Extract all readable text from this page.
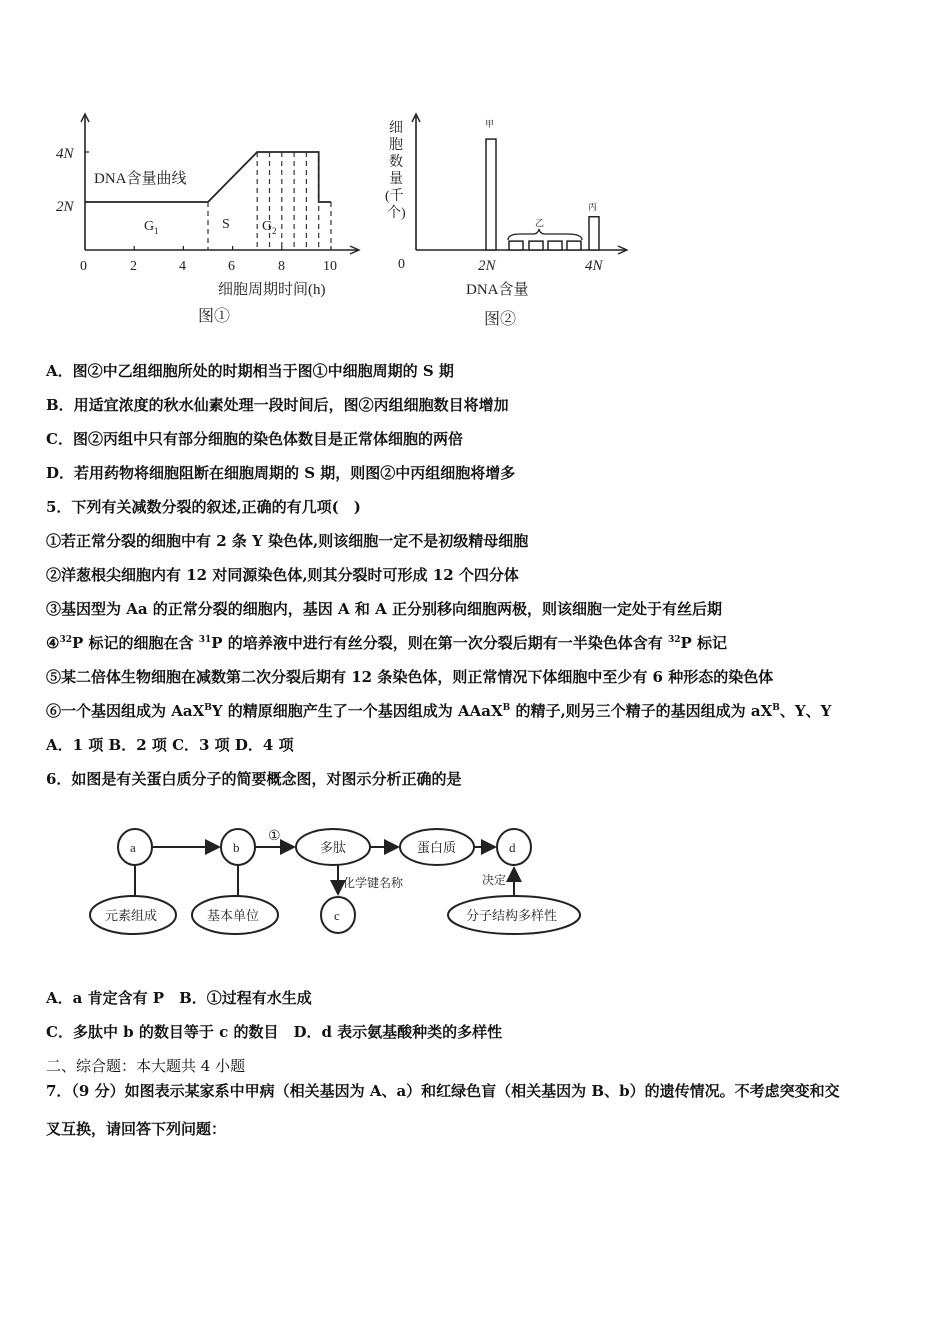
4N
2N
0	2	4	6	8	10
DNA含量曲线
G 1	S G 2
细胞周期时间(h)
图①
细
胞
数
量
(千
个)
0	2N	4N
DNA含量
图②
甲
乙
丙
A．图②中乙组细胞所处的时期相当于图①中细胞周期的 S 期
B．用适宜浓度的秋水仙素处理一段时间后，图②丙组细胞数目将增加
C．图②丙组中只有部分细胞的染色体数目是正常体细胞的两倍
D．若用药物将细胞阻断在细胞周期的 S 期，则图②中丙组细胞将增多
5．下列有关减数分裂的叙述,正确的有几项(　)
①若正常分裂的细胞中有 2 条 Y 染色体,则该细胞一定不是初级精母细胞
②洋葱根尖细胞内有 12 对同源染色体,则其分裂时可形成 12 个四分体
③基因型为 Aa 的正常分裂的细胞内，基因 A 和 A 正分别移向细胞两极，则该细胞一定处于有丝后期
④$^{32}$P 标记的细胞在含 $^{31}$P 的培养液中进行有丝分裂，则在第一次分裂后期有一半染色体含有 $^{32}$P 标记
⑤某二倍体生物细胞在减数第二次分裂后期有 12 条染色体，则正常情况下体细胞中至少有 6 种形态的染色体
⑥一个基因组成为 AaX$^B$Y 的精原细胞产生了一个基因组成为 AAaX$^B$ 的精子,则另三个精子的基因组成为 $aX^B$、Y、Y
A．1 项 B．2 项 C．3 项 D．4 项
6．如图是有关蛋白质分子的简要概念图，对图示分析正确的是
a	b
①
多肽	蛋白质	d
元素组成	基本单位
化学键名称
c
决定
分子结构多样性
A．a 肯定含有 P　B．①过程有水生成
C．多肽中 b 的数目等于 c 的数目　D．d 表示氨基酸种类的多样性
二、综合题：本大题共 4 小题
7．（9 分）如图表示某家系中甲病（相关基因为 A、a）和红绿色盲（相关基因为 B、b）的遗传情况。不考虑突变和交
叉互换，请回答下列问题：
